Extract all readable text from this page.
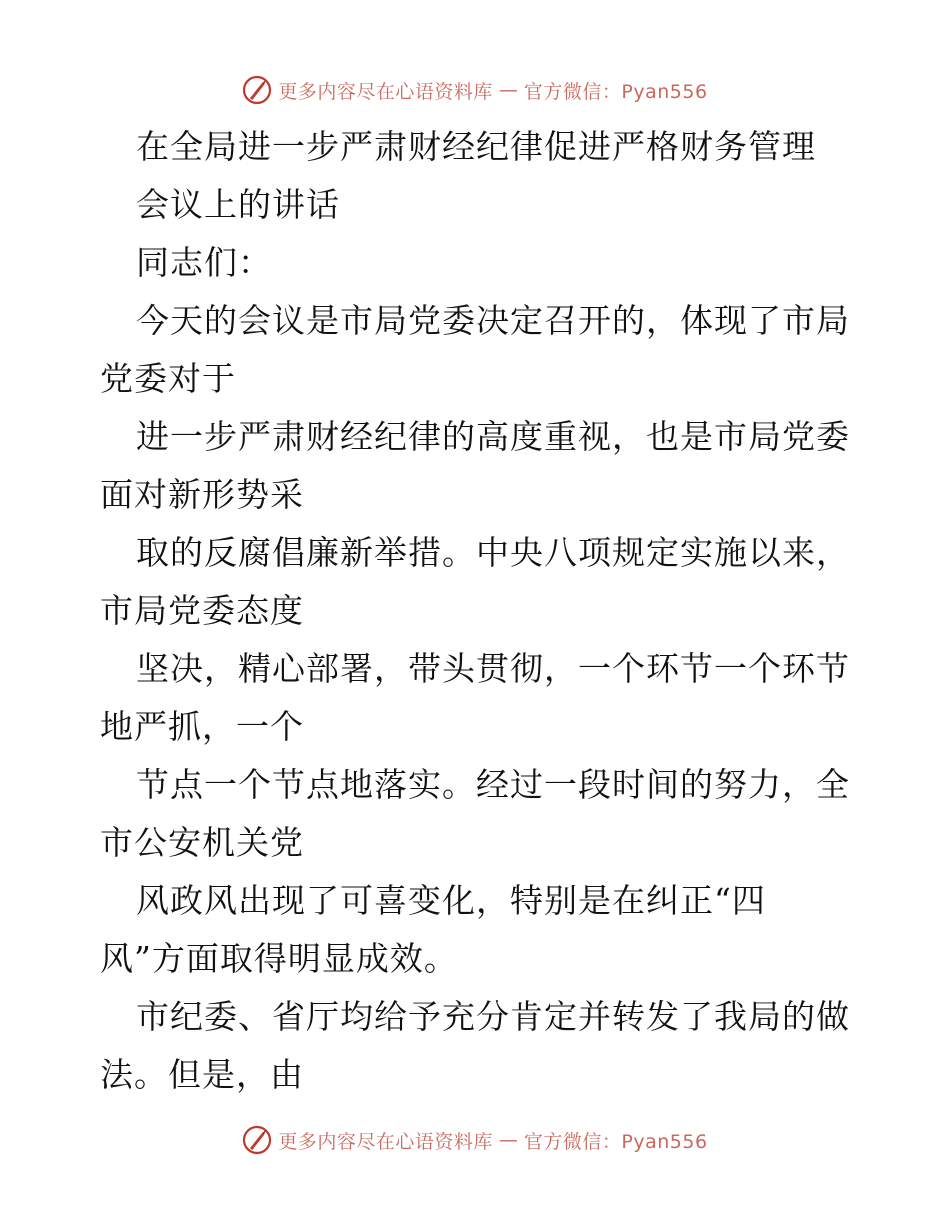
更多内容尽在心语资料库 — 官方微信：Pyan556
在全局进一步严肃财经纪律促进严格财务管理
会议上的讲话
同志们：
今天的会议是市局党委决定召开的，体现了市局
党委对于
进一步严肃财经纪律的高度重视，也是市局党委
面对新形势采
取的反腐倡廉新举措。中央八项规定实施以来，
市局党委态度
坚决，精心部署，带头贯彻，一个环节一个环节
地严抓，一个
节点一个节点地落实。经过一段时间的努力，全
市公安机关党
风政风出现了可喜变化，特别是在纠正“四
风”方面取得明显成效。
市纪委、省厅均给予充分肯定并转发了我局的做
法。但是，由
更多内容尽在心语资料库 — 官方微信：Pyan556
